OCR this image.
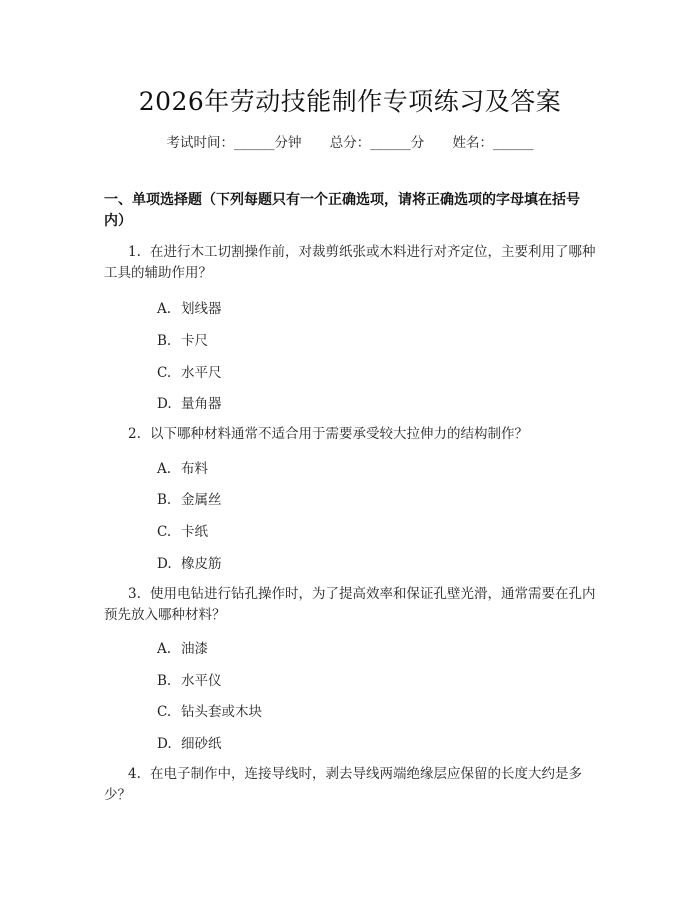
2026年劳动技能制作专项练习及答案
考试时间：______分钟 总分：______分 姓名：______
一、单项选择题（下列每题只有一个正确选项，请将正确选项的字母填在括号内）
1. 在进行木工切割操作前，对裁剪纸张或木料进行对齐定位，主要利用了哪种工具的辅助作用？
A. 划线器
B. 卡尺
C. 水平尺
D. 量角器
2. 以下哪种材料通常不适合用于需要承受较大拉伸力的结构制作？
A. 布料
B. 金属丝
C. 卡纸
D. 橡皮筋
3. 使用电钻进行钻孔操作时，为了提高效率和保证孔壁光滑，通常需要在孔内预先放入哪种材料？
A. 油漆
B. 水平仪
C. 钻头套或木块
D. 细砂纸
4. 在电子制作中，连接导线时，剥去导线两端绝缘层应保留的长度大约是多少？
